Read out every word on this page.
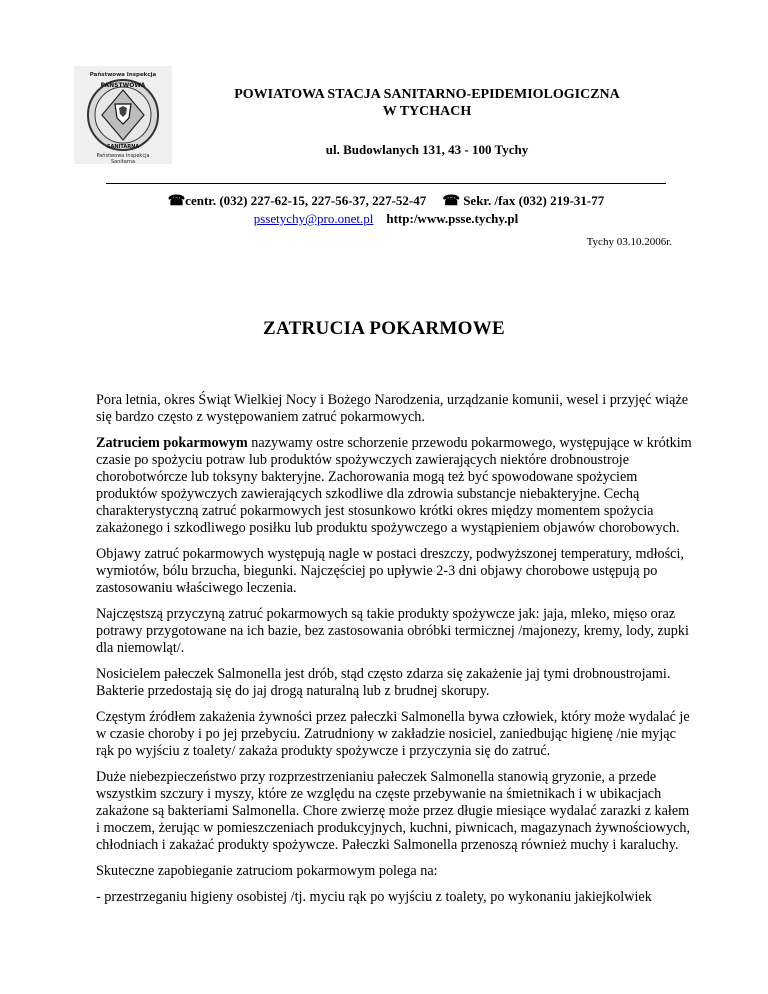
Państwowa Inspekcja
PAŃSTWOWA
SANITARNA
Państwowa Inspekcja
Sanitarna
POWIATOWA STACJA SANITARNO-EPIDEMIOLOGICZNA
W TYCHACH
ul. Budowlanych 131, 43 - 100 Tychy
☎centr. (032) 227-62-15, 227-56-37, 227-52-47 ☎ Sekr. /fax (032) 219-31-77
pssetychy@pro.onet.pl http:/www.psse.tychy.pl
Tychy 03.10.2006r.
ZATRUCIA POKARMOWE

Pora letnia, okres Świąt Wielkiej Nocy i Bożego Narodzenia, urządzanie komunii, wesel i przyjęć wiąże się bardzo często z występowaniem zatruć pokarmowych.

Zatruciem pokarmowym nazywamy ostre schorzenie przewodu pokarmowego, występujące w krótkim czasie po spożyciu potraw lub produktów spożywczych zawierających niektóre drobnoustroje chorobotwórcze lub toksyny bakteryjne. Zachorowania mogą też być spowodowane spożyciem produktów spożywczych zawierających szkodliwe dla zdrowia substancje niebakteryjne. Cechą charakterystyczną zatruć pokarmowych jest stosunkowo krótki okres między momentem spożycia zakażonego i szkodliwego posiłku lub produktu spożywczego a wystąpieniem objawów chorobowych.

Objawy zatruć pokarmowych występują nagle w postaci dreszczy, podwyższonej temperatury, mdłości, wymiotów, bólu brzucha, biegunki. Najczęściej po upływie 2-3 dni objawy chorobowe ustępują po zastosowaniu właściwego leczenia.

Najczęstszą przyczyną zatruć pokarmowych są takie produkty spożywcze jak: jaja, mleko, mięso oraz potrawy przygotowane na ich bazie, bez zastosowania obróbki termicznej /majonezy, kremy, lody, zupki dla niemowląt/.

Nosicielem pałeczek Salmonella jest drób, stąd często zdarza się zakażenie jaj tymi drobnoustrojami. Bakterie przedostają się do jaj drogą naturalną lub z brudnej skorupy.

Częstym źródłem zakażenia żywności przez pałeczki Salmonella bywa człowiek, który może wydalać je w czasie choroby i po jej przebyciu. Zatrudniony w zakładzie nosiciel, zaniedbując higienę /nie myjąc rąk po wyjściu z toalety/ zakaża produkty spożywcze i przyczynia się do zatruć.

Duże niebezpieczeństwo przy rozprzestrzenianiu pałeczek Salmonella stanowią gryzonie, a przede wszystkim szczury i myszy, które ze względu na częste przebywanie na śmietnikach i w ubikacjach zakażone są bakteriami Salmonella. Chore zwierzę może przez długie miesiące wydalać zarazki z kałem i moczem, żerując w pomieszczeniach produkcyjnych, kuchni, piwnicach, magazynach żywnościowych, chłodniach i zakażać produkty spożywcze. Pałeczki Salmonella przenoszą również muchy i karaluchy.

Skuteczne zapobieganie zatruciom pokarmowym polega na:

- przestrzeganiu higieny osobistej /tj. myciu rąk po wyjściu z toalety, po wykonaniu jakiejkolwiek
